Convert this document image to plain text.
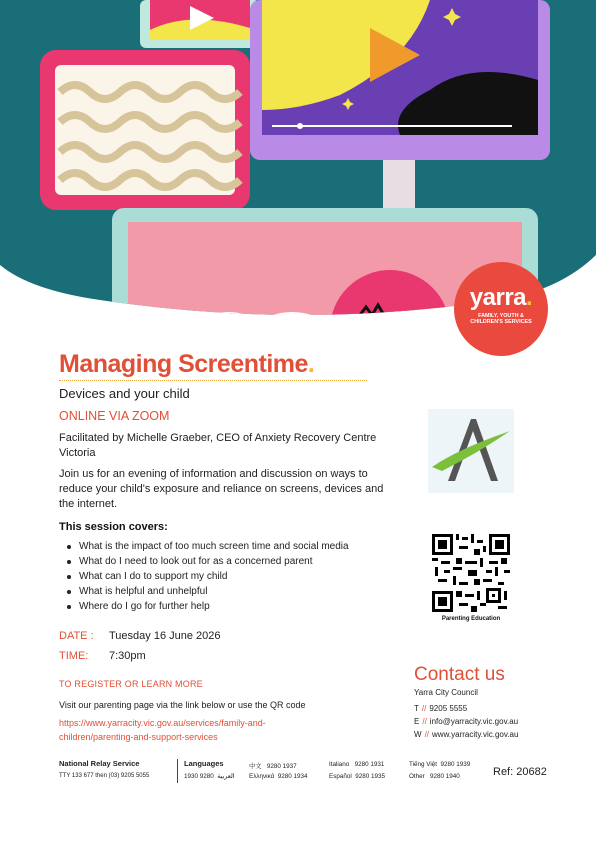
yarra.
FAMILY, YOUTH & CHILDREN'S SERVICES
Managing Screentime.
Devices and your child
ONLINE VIA ZOOM
Facilitated by Michelle Graeber, CEO of Anxiety Recovery Centre Victoria
Join us for an evening of information and discussion on ways to reduce your child's exposure and reliance on screens, devices and the internet.
This session covers:
What is the impact of too much screen time and social media
What do I need to look out for as a concerned parent
What can I do to support my child
What is helpful and unhelpful
Where do I go for further help
Parenting Education
DATE : Tuesday 16 June 2026
TIME: 7:30pm
TO REGISTER OR LEARN MORE
Visit our parenting page via the link below or use the QR code
https://www.yarracity.vic.gov.au/services/family-and-
children/parenting-and-support-services
Contact us
Yarra City Council
T // 9205 5555
E // info@yarracity.vic.gov.au
W // www.yarracity.vic.gov.au
National Relay Service
TTY 133 677 then (03) 9205 5055
Languages
العربية  9280 1930
中文 9280 1937
Ελληνικά 9280 1934
Italiano 9280 1931
Español 9280 1935
Tiếng Việt 9280 1939
Other 9280 1940	Ref: 20682
